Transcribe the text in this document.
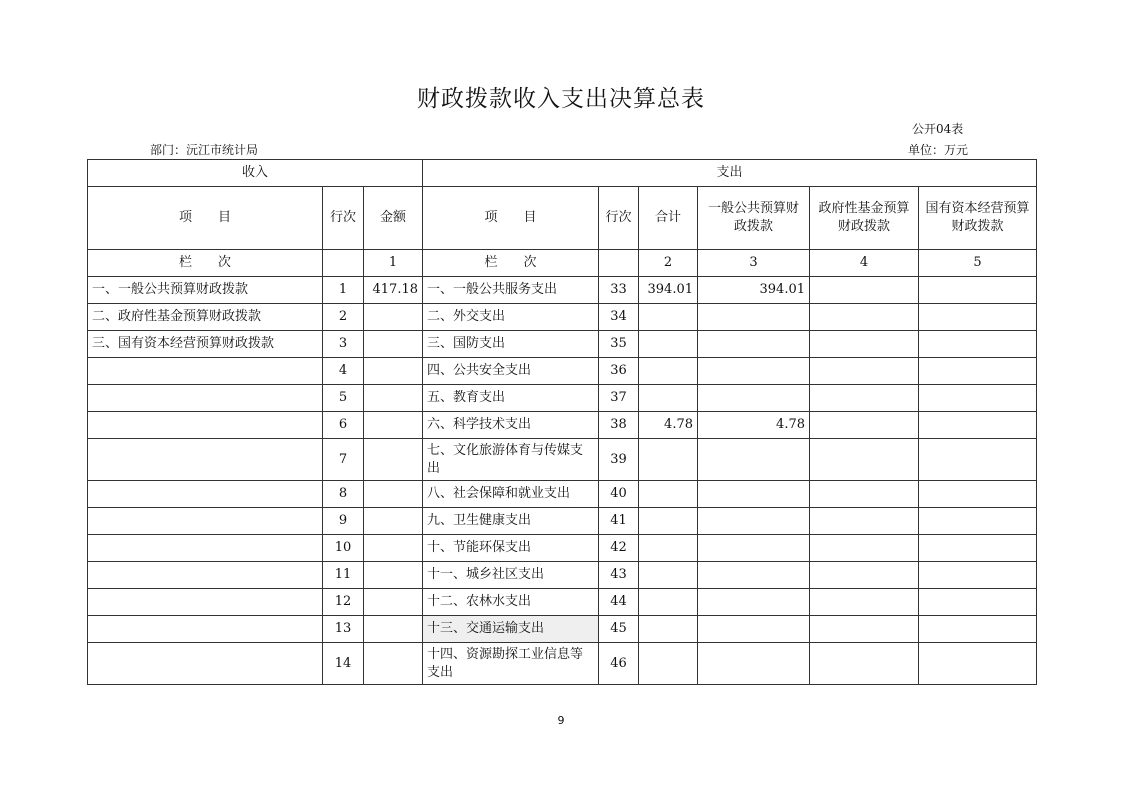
财政拨款收入支出决算总表
公开04表
部门：沅江市统计局	单位：万元
收入			支出					
项　　目	行次	金额	项　　目	行次	合计	一般公共预算财政拨款	政府性基金预算财政拨款	国有资本经营预算财政拨款
栏　　次		1	栏　　次		2	3	4	5
一、一般公共预算财政拨款	1	417.18	一、一般公共服务支出	33	394.01	394.01		
二、政府性基金预算财政拨款	2		二、外交支出	34				
三、国有资本经营预算财政拨款	3		三、国防支出	35				
	4		四、公共安全支出	36				
	5		五、教育支出	37				
	6		六、科学技术支出	38	4.78	4.78		
	7		七、文化旅游体育与传媒支出	39				
	8		八、社会保障和就业支出	40				
	9		九、卫生健康支出	41				
	10		十、节能环保支出	42				
	11		十一、城乡社区支出	43				
	12		十二、农林水支出	44				
	13		十三、交通运输支出	45				
	14		十四、资源勘探工业信息等支出	46				
9
